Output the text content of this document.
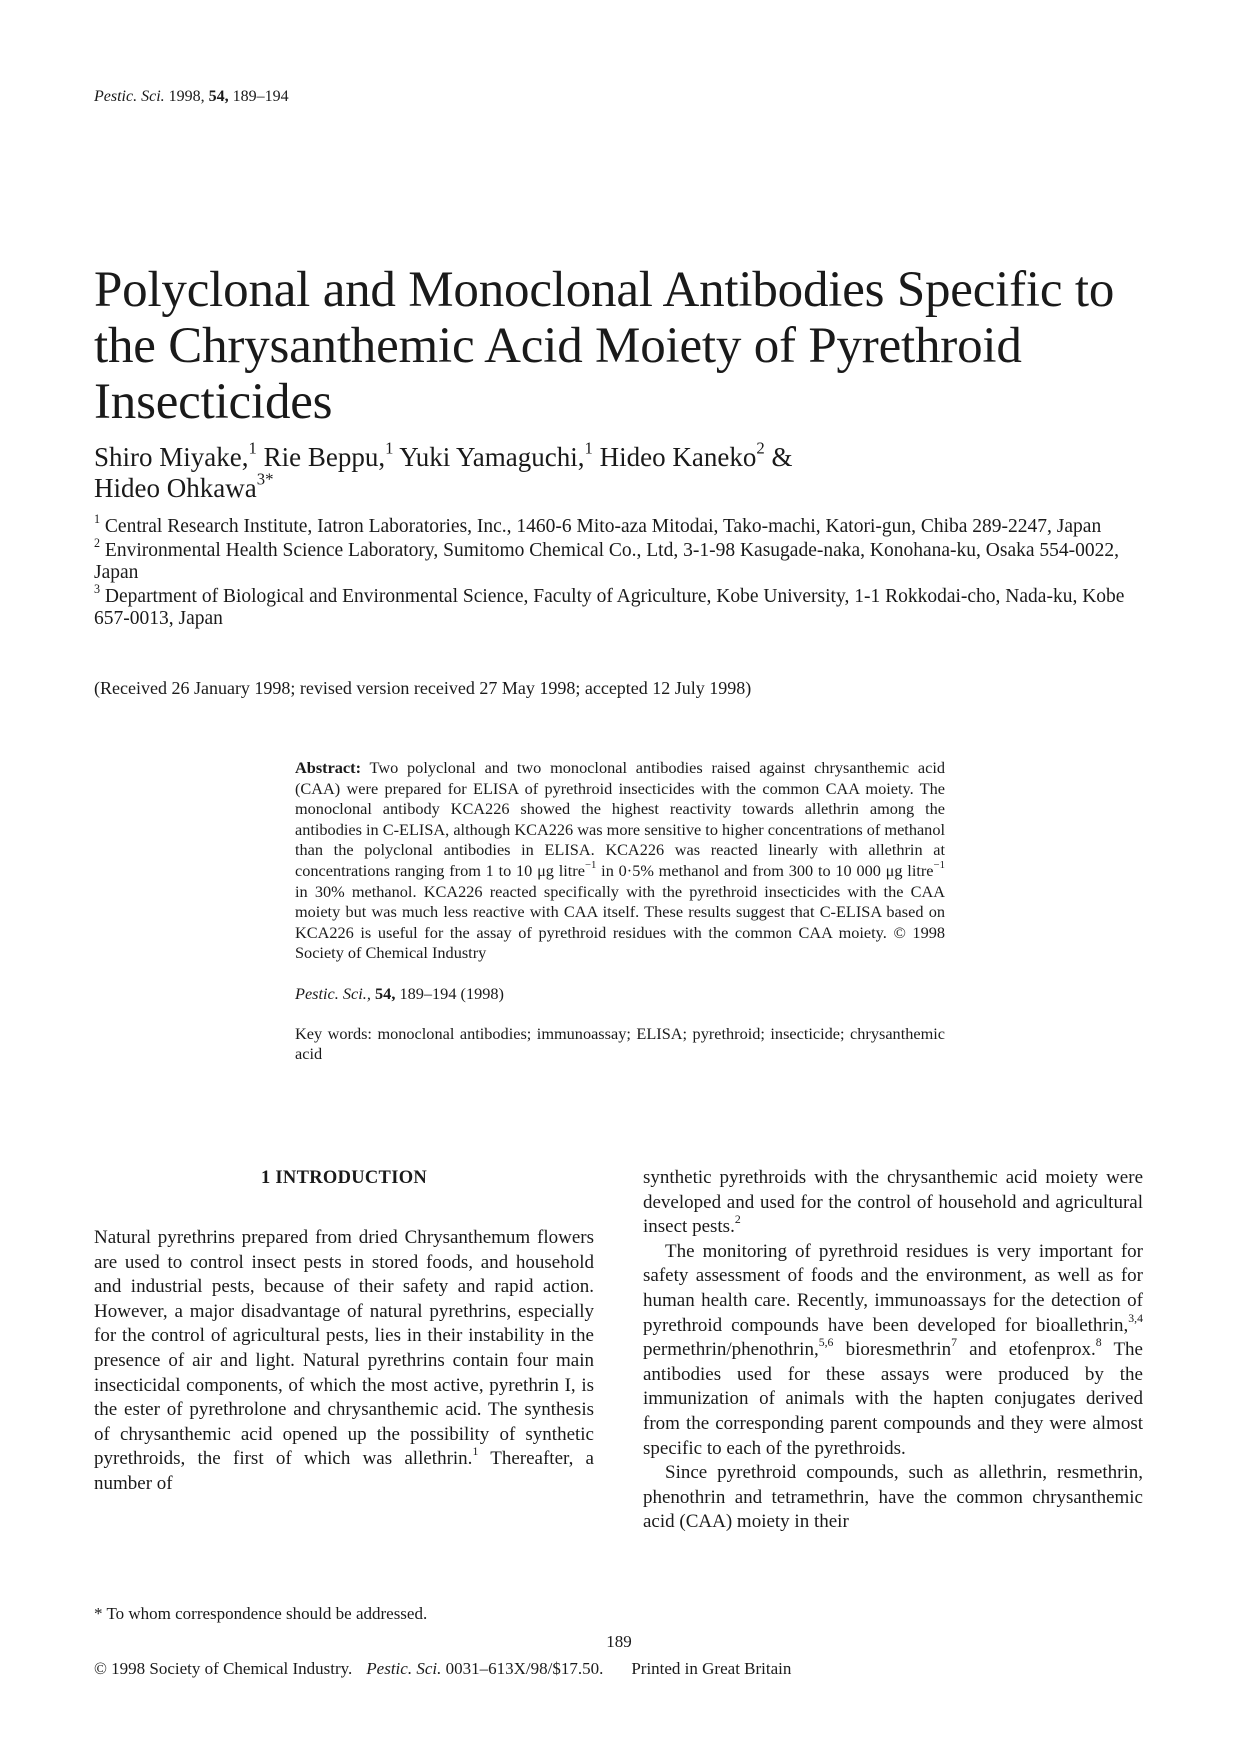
Pestic. Sci. 1998, 54, 189–194
Polyclonal and Monoclonal Antibodies Specific to the Chrysanthemic Acid Moiety of Pyrethroid Insecticides
Shiro Miyake,$^1$ Rie Beppu,$^1$ Yuki Yamaguchi,$^1$ Hideo Kaneko$^2$ &
Hideo Ohkawa$^{3*}$

$^1$ Central Research Institute, Iatron Laboratories, Inc., 1460-6 Mito-aza Mitodai, Tako-machi, Katori-gun, Chiba 289-2247, Japan

$^2$ Environmental Health Science Laboratory, Sumitomo Chemical Co., Ltd, 3-1-98 Kasugade-naka, Konohana-ku, Osaka 554-0022, Japan

$^3$ Department of Biological and Environmental Science, Faculty of Agriculture, Kobe University, 1-1 Rokkodai-cho, Nada-ku, Kobe 657-0013, Japan

(Received 26 January 1998; revised version received 27 May 1998; accepted 12 July 1998)

Abstract: Two polyclonal and two monoclonal antibodies raised against chrysanthemic acid (CAA) were prepared for ELISA of pyrethroid insecticides with the common CAA moiety. The monoclonal antibody KCA226 showed the highest reactivity towards allethrin among the antibodies in C-ELISA, although KCA226 was more sensitive to higher concentrations of methanol than the polyclonal antibodies in ELISA. KCA226 was reacted linearly with allethrin at concentrations ranging from 1 to 10 μg litre$^{-1}$ in 0·5% methanol and from 300 to 10 000 μg litre$^{-1}$ in 30% methanol. KCA226 reacted specifically with the pyrethroid insecticides with the CAA moiety but was much less reactive with CAA itself. These results suggest that C-ELISA based on KCA226 is useful for the assay of pyrethroid residues with the common CAA moiety. © 1998 Society of Chemical Industry

Pestic. Sci., 54, 189–194 (1998)

Key words: monoclonal antibodies; immunoassay; ELISA; pyrethroid; insecticide; chrysanthemic acid

1 INTRODUCTION

Natural pyrethrins prepared from dried Chrysanthemum flowers are used to control insect pests in stored foods, and household and industrial pests, because of their safety and rapid action. However, a major disadvantage of natural pyrethrins, especially for the control of agricultural pests, lies in their instability in the presence of air and light. Natural pyrethrins contain four main insecticidal components, of which the most active, pyrethrin I, is the ester of pyrethrolone and chrysanthemic acid. The synthesis of chrysanthemic acid opened up the possibility of synthetic pyrethroids, the first of which was allethrin.$^1$ Thereafter, a number of

synthetic pyrethroids with the chrysanthemic acid moiety were developed and used for the control of household and agricultural insect pests.$^2$

The monitoring of pyrethroid residues is very important for safety assessment of foods and the environment, as well as for human health care. Recently, immunoassays for the detection of pyrethroid compounds have been developed for bioallethrin,$^{3,4}$ permethrin/phenothrin,$^{5,6}$ bioresmethrin$^7$ and etofenprox.$^8$ The antibodies used for these assays were produced by the immunization of animals with the hapten conjugates derived from the corresponding parent compounds and they were almost specific to each of the pyrethroids.

Since pyrethroid compounds, such as allethrin, resmethrin, phenothrin and tetramethrin, have the common chrysanthemic acid (CAA) moiety in their

* To whom correspondence should be addressed.
189
© 1998 Society of Chemical Industry. Pestic. Sci. 0031–613X/98/$17.50. Printed in Great Britain
